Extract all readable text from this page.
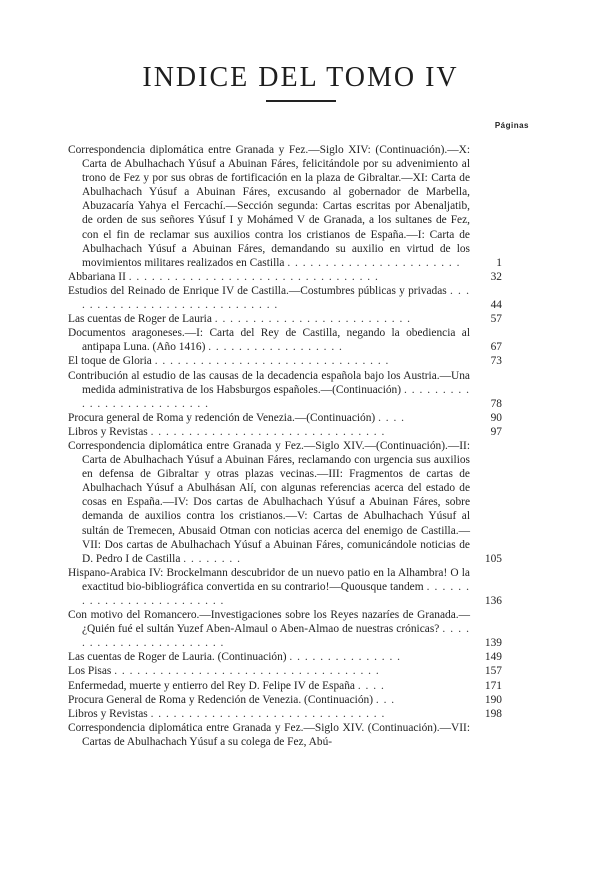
INDICE DEL TOMO IV
Páginas
Correspondencia diplomática entre Granada y Fez.—Siglo XIV: (Continuación).—X: Carta de Abulhachach Yúsuf a Abuinan Fáres, felicitándole por su advenimiento al trono de Fez y por sus obras de fortificación en la plaza de Gibraltar.—XI: Carta de Abulhachach Yúsuf a Abuinan Fáres, excusando al gobernador de Marbella, Abuzacaría Yahya el Fercachí.—Sección segunda: Cartas escritas por Abenaljatib, de orden de sus señores Yúsuf I y Mohámed V de Granada, a los sultanes de Fez, con el fin de reclamar sus auxilios contra los cristianos de España.—I: Carta de Abulhachach Yúsuf a Abuinan Fáres, demandando su auxilio en virtud de los movimientos militares realizados en Castilla . . . . . . . . . . . . . . . . . . . . . . .	1
Abbariana II . . . . . . . . . . . . . . . . . . . . . . . . . . . . . . . . .	32
Estudios del Reinado de Enrique IV de Castilla.—Costumbres públicas y privadas . . . . . . . . . . . . . . . . . . . . . . . . . . . . .	44
Las cuentas de Roger de Lauria . . . . . . . . . . . . . . . . . . . . . . . . . .	57
Documentos aragoneses.—I: Carta del Rey de Castilla, negando la obediencia al antipapa Luna. (Año 1416) . . . . . . . . . . . . . . . . . .	67
El toque de Gloria . . . . . . . . . . . . . . . . . . . . . . . . . . . . . . .	73
Contribución al estudio de las causas de la decadencia española bajo los Austria.—Una medida administrativa de los Habsburgos españoles.—(Continuación) . . . . . . . . . . . . . . . . . . . . . . . . . .	78
Procura general de Roma y redención de Venezia.—(Continuación) . . . .	90
Libros y Revistas . . . . . . . . . . . . . . . . . . . . . . . . . . . . . . .	97
Correspondencia diplomática entre Granada y Fez.—Siglo XIV.—(Continuación).—II: Carta de Abulhachach Yúsuf a Abuinan Fáres, reclamando con urgencia sus auxilios en defensa de Gibraltar y otras plazas vecinas.—III: Fragmentos de cartas de Abulhachach Yúsuf a Abulhásan Alí, con algunas referencias acerca del estado de cosas en España.—IV: Dos cartas de Abulhachach Yúsuf a Abuinan Fáres, sobre demanda de auxilios contra los cristianos.—V: Cartas de Abulhachach Yúsuf al sultán de Tremecen, Abusaid Otman con noticias acerca del enemigo de Castilla.—VII: Dos cartas de Abulhachach Yúsuf a Abuinan Fáres, comunicándole noticias de D. Pedro I de Castilla . . . . . . . .	105
Hispano-Arabica IV: Brockelmann descubridor de un nuevo patio en la Alhambra! O la exactitud bio-bibliográfica convertida en su contrario!—Quousque tandem . . . . . . . . . . . . . . . . . . . . . . . . .	136
Con motivo del Romancero.—Investigaciones sobre los Reyes nazaríes de Granada.—¿Quién fué el sultán Yuzef Aben-Almaul o Aben-Almao de nuestras crónicas? . . . . . . . . . . . . . . . . . . . . . . .	139
Las cuentas de Roger de Lauria. (Continuación) . . . . . . . . . . . . . . .	149
Los Pisas . . . . . . . . . . . . . . . . . . . . . . . . . . . . . . . . . . .	157
Enfermedad, muerte y entierro del Rey D. Felipe IV de España . . . .	171
Procura General de Roma y Redención de Venezia. (Continuación) . . .	190
Libros y Revistas . . . . . . . . . . . . . . . . . . . . . . . . . . . . . . .	198
Correspondencia diplomática entre Granada y Fez.—Siglo XIV. (Continuación).—VII: Cartas de Abulhachach Yúsuf a su colega de Fez, Abú-
